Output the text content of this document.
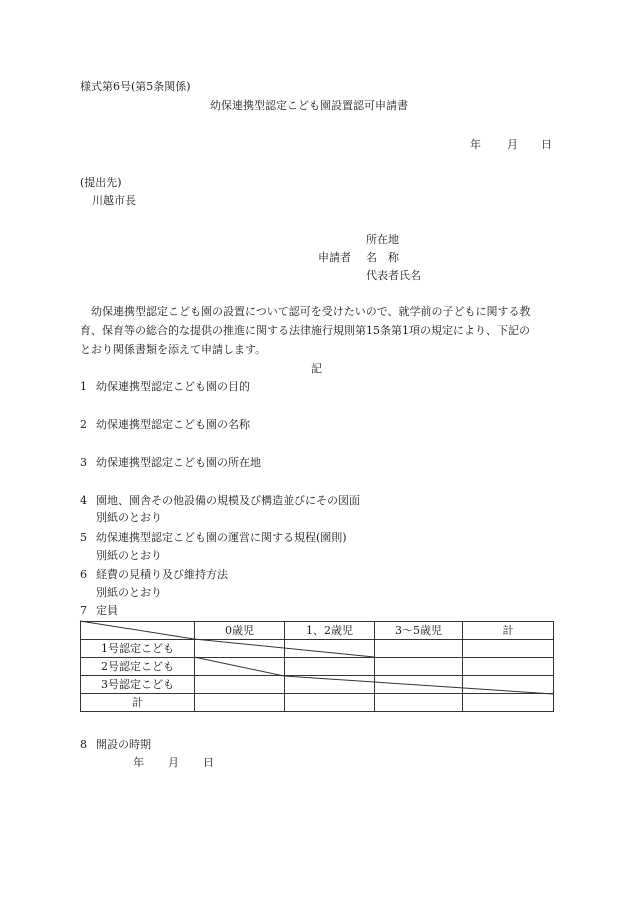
様式第6号(第5条関係)
幼保連携型認定こども園設置認可申請書
年 月 日
(提出先)
川越市長
所在地
申請者 名　称
代表者氏名
幼保連携型認定こども園の設置について認可を受けたいので、就学前の子どもに関する教
育、保育等の総合的な提供の推進に関する法律施行規則第15条第1項の規定により、下記の
とおり関係書類を添えて申請します。
記
1 幼保連携型認定こども園の目的
2 幼保連携型認定こども園の名称
3 幼保連携型認定こども園の所在地
4 園地、園舎その他設備の規模及び構造並びにその図面
別紙のとおり
5 幼保連携型認定こども園の運営に関する規程(園則)
別紙のとおり
6 経費の見積り及び維持方法
別紙のとおり
7 定員
	0歳児	1、2歳児	3〜5歳児	計
1号認定こども				
2号認定こども				
3号認定こども				
計				
8 開設の時期
年 月 日
